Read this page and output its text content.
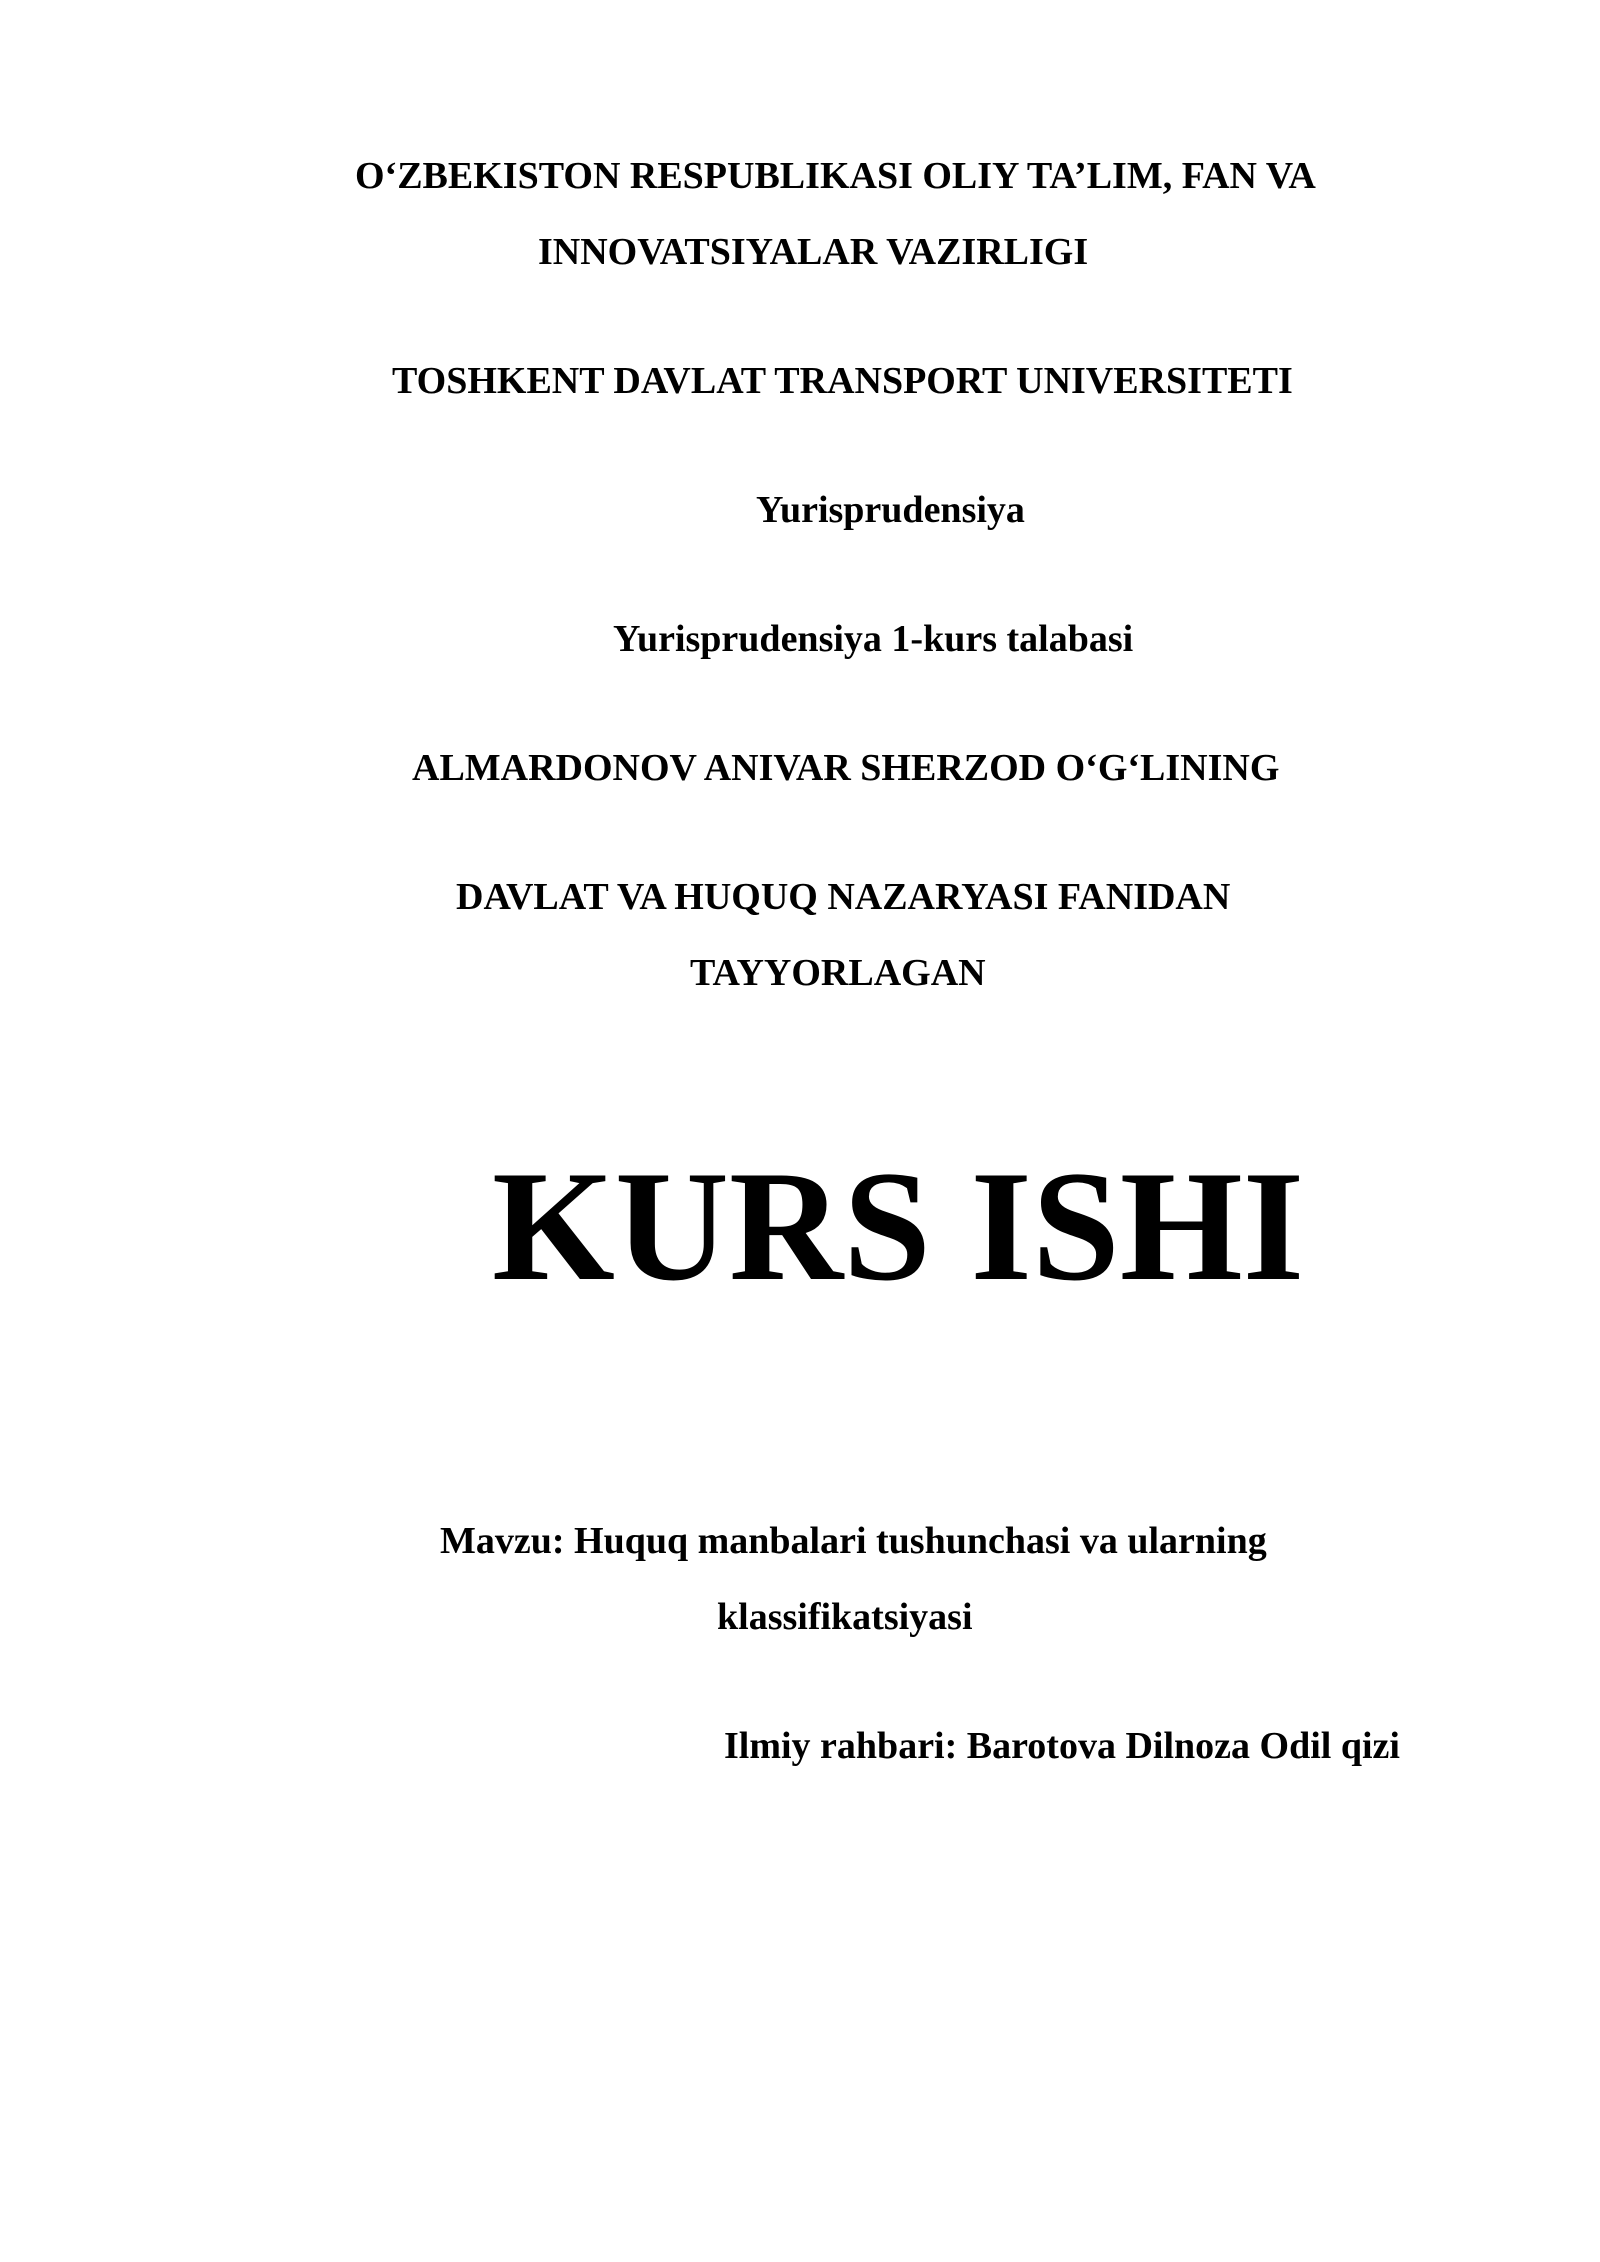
O‘ZBEKISTON RESPUBLIKASI OLIY TA’LIM, FAN VA

INNOVATSIYALAR VAZIRLIGI

TOSHKENT DAVLAT TRANSPORT UNIVERSITETI

Yurisprudensiya

Yurisprudensiya 1-kurs talabasi

ALMARDONOV ANIVAR SHERZOD O‘G‘LINING

DAVLAT VA HUQUQ NAZARYASI FANIDAN

TAYYORLAGAN

KURS ISHI

Mavzu: Huquq manbalari tushunchasi va ularning

klassifikatsiyasi

Ilmiy rahbari: Barotova Dilnoza Odil qizi
